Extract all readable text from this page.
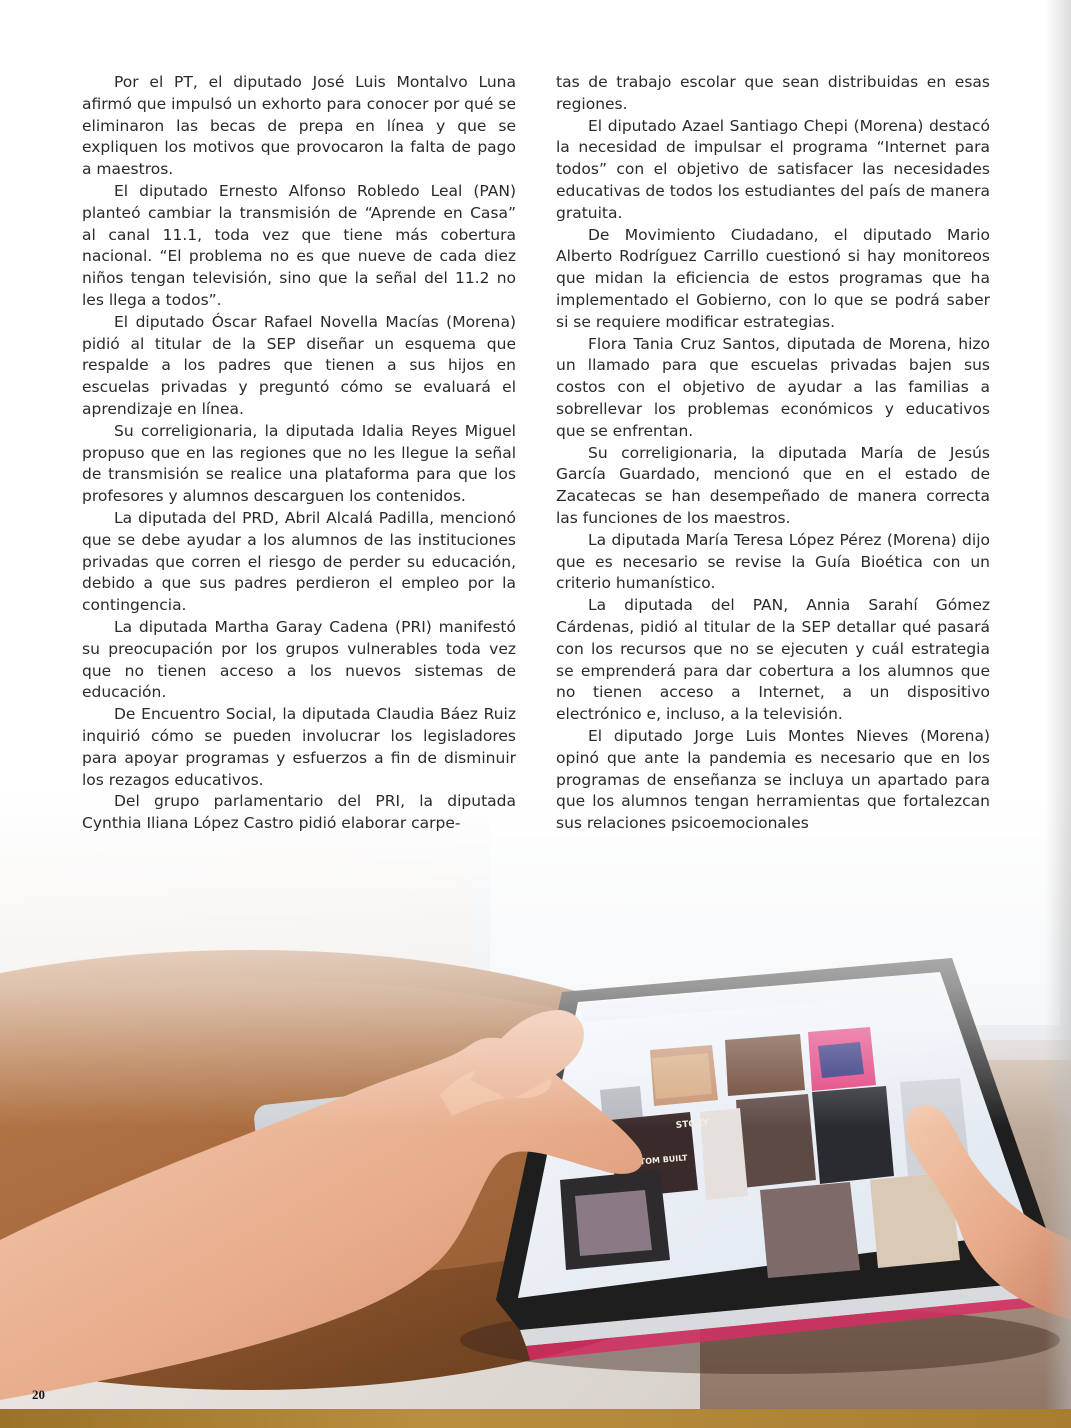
Por el PT, el diputado José Luis Montalvo Luna afirmó que impulsó un exhorto para conocer por qué se eliminaron las becas de prepa en línea y que se expliquen los motivos que provocaron la falta de pago a maestros.

El diputado Ernesto Alfonso Robledo Leal (PAN) planteó cambiar la transmisión de “Aprende en Casa” al canal 11.1, toda vez que tiene más cobertura nacional. “El problema no es que nueve de cada diez niños tengan televisión, sino que la señal del 11.2 no les llega a todos”.

El diputado Óscar Rafael Novella Macías (Morena) pidió al titular de la SEP diseñar un esquema que respalde a los padres que tienen a sus hijos en escuelas privadas y preguntó cómo se evaluará el aprendizaje en línea.

Su correligionaria, la diputada Idalia Reyes Miguel propuso que en las regiones que no les llegue la señal de transmisión se realice una plataforma para que los profesores y alumnos descarguen los contenidos.

La diputada del PRD, Abril Alcalá Padilla, mencionó que se debe ayudar a los alumnos de las instituciones privadas que corren el riesgo de perder su educación, debido a que sus padres perdieron el empleo por la contingencia.

La diputada Martha Garay Cadena (PRI) manifestó su preocupación por los grupos vulnerables toda vez que no tienen acceso a los nuevos sistemas de educación.

De Encuentro Social, la diputada Claudia Báez Ruiz inquirió cómo se pueden involucrar los legisladores para apoyar programas y esfuerzos a fin de disminuir los rezagos educativos.

Del grupo parlamentario del PRI, la diputada Cynthia Iliana López Castro pidió elaborar carpe-

tas de trabajo escolar que sean distribuidas en esas regiones.

El diputado Azael Santiago Chepi (Morena) destacó la necesidad de impulsar el programa “Internet para todos” con el objetivo de satisfacer las necesidades educativas de todos los estudiantes del país de manera gratuita.

De Movimiento Ciudadano, el diputado Mario Alberto Rodríguez Carrillo cuestionó si hay monitoreos que midan la eficiencia de estos programas que ha implementado el Gobierno, con lo que se podrá saber si se requiere modificar estrategias.

Flora Tania Cruz Santos, diputada de Morena, hizo un llamado para que escuelas privadas bajen sus costos con el objetivo de ayudar a las familias a sobrellevar los problemas económicos y educativos que se enfrentan.

Su correligionaria, la diputada María de Jesús García Guardado, mencionó que en el estado de Zacatecas se han desempeñado de manera correcta las funciones de los maestros.

La diputada María Teresa López Pérez (Morena) dijo que es necesario se revise la Guía Bioética con un criterio humanístico.

La diputada del PAN, Annia Sarahí Gómez Cárdenas, pidió al titular de la SEP detallar qué pasará con los recursos que no se ejecuten y cuál estrategia se emprenderá para dar cobertura a los alumnos que no tienen acceso a Internet, a un dispositivo electrónico e, incluso, a la televisión.

El diputado Jorge Luis Montes Nieves (Morena) opinó que ante la pandemia es necesario que en los programas de enseñanza se incluya un apartado para que los alumnos tengan herramientas que fortalezcan sus relaciones psicoemocionales

20
